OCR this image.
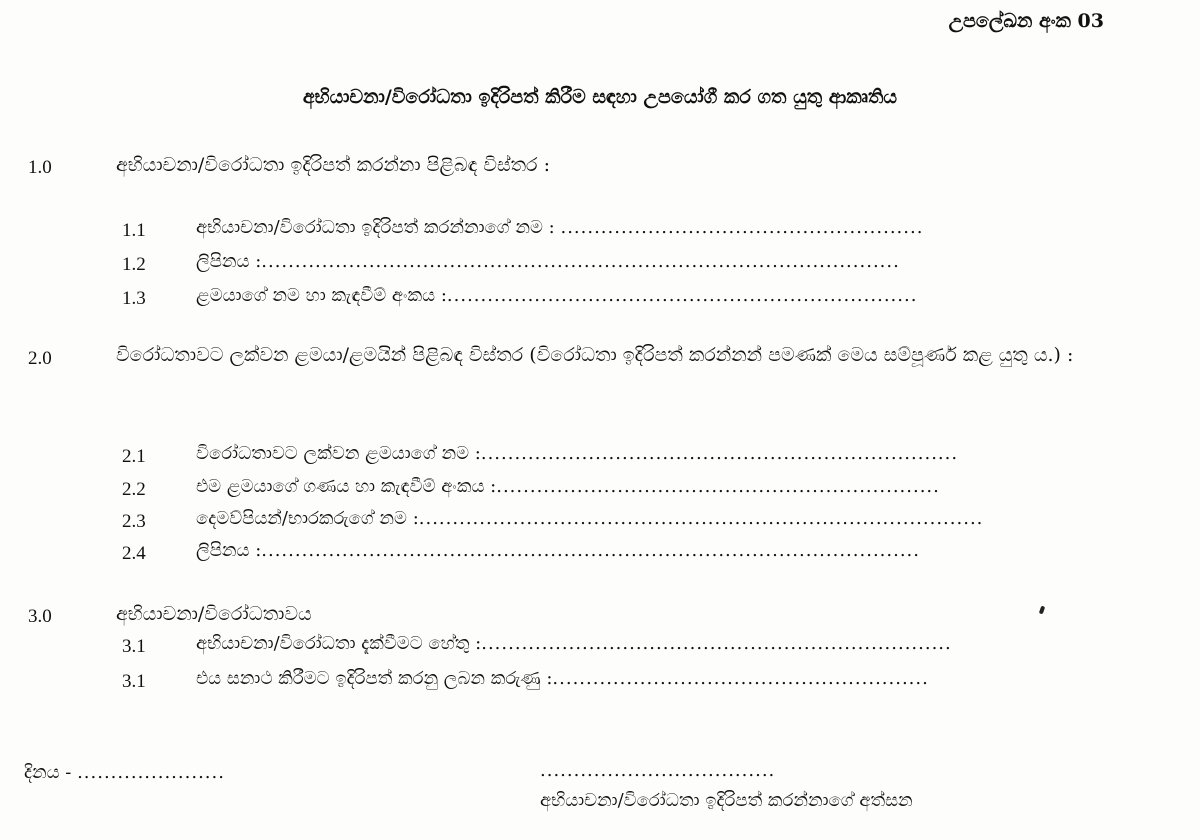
උපලේඛන අංක 03
අභියාචනා/විරෝධතා ඉදිරිපත් කිරීම සඳහා උපයෝගී කර ගත යුතු ආකෘතිය
1.0	අභියාචනා/විරෝධතා ඉදිරිපත් කරන්නා පිළිබඳ විස්තර :
1.1	අභියාචනා/විරෝධතා ඉදිරිපත් කරන්නාගේ නම : ......................................................
1.2	ලිපිනය :...............................................................................................
1.3	ළමයාගේ නම හා කැඳවීම් අංකය :......................................................................
2.0	විරෝධතාවට ලක්වන ළමයා/ළමයින් පිළිබඳ විස්තර (විරෝධතා ඉදිරිපත් කරන්නන් පමණක් මෙය සම්පූර්ණ කළ යුතු ය.) :
2.1	විරෝධතාවට ලක්වන ළමයාගේ නම :.......................................................................
2.2	එම ළමයාගේ ගණය හා කැඳවීම් අංකය :..................................................................
2.3	දෙමව්පියන්/භාරකරුගේ නම :....................................................................................
2.4	ලිපිනය :..................................................................................................
3.0	අභියාචනා/විරෝධතාවය
3.1	අභියාචනා/විරෝධතා දැක්වීමට හේතු :......................................................................
3.1	එය සනාථ කිරීමට ඉදිරිපත් කරනු ලබන කරුණු :........................................................
දිනය - ......................	...................................
අභියාචනා/විරෝධතා ඉදිරිපත් කරන්නාගේ අත්සන
